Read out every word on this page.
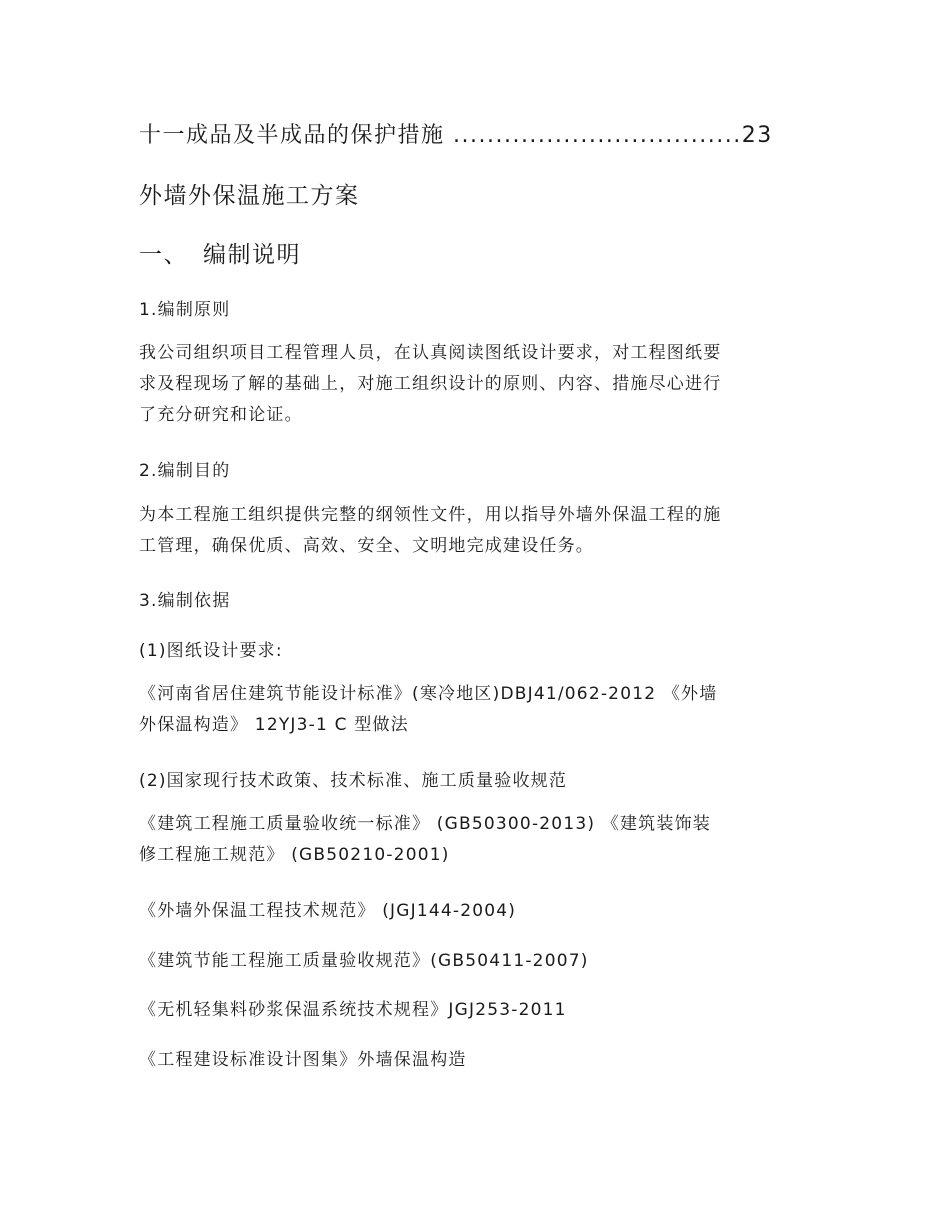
十一成品及半成品的保护措施 ..................................23
外墙外保温施工方案
一、 编制说明
1.编制原则
我公司组织项目工程管理人员，在认真阅读图纸设计要求，对工程图纸要
求及程现场了解的基础上，对施工组织设计的原则、内容、措施尽心进行
了充分研究和论证。
2.编制目的
为本工程施工组织提供完整的纲领性文件，用以指导外墙外保温工程的施
工管理，确保优质、高效、安全、文明地完成建设任务。
3.编制依据
(1)图纸设计要求:
《河南省居住建筑节能设计标准》(寒冷地区)DBJ41/062-2012 《外墙
外保温构造》 12YJ3-1 C 型做法
(2)国家现行技术政策、技术标准、施工质量验收规范
《建筑工程施工质量验收统一标准》 (GB50300-2013) 《建筑装饰装
修工程施工规范》 (GB50210-2001)
《外墙外保温工程技术规范》 (JGJ144-2004)
《建筑节能工程施工质量验收规范》(GB50411-2007)
《无机轻集料砂浆保温系统技术规程》JGJ253-2011
《工程建设标准设计图集》外墙保温构造
